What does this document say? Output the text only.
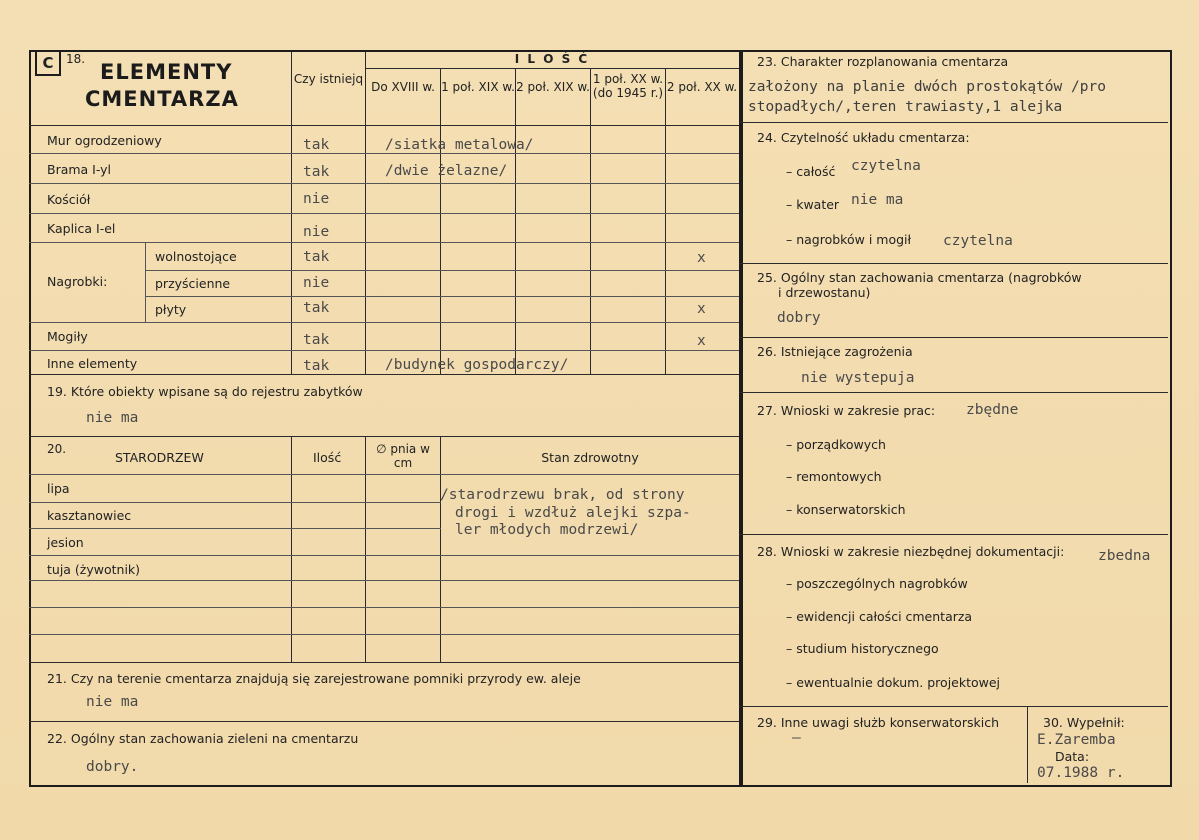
C 18.
ELEMENTY
CMENTARZA
I L O Ś Ć
Czy istniejq
Do XVIII w. 1 poł. XIX w. 2 poł. XIX w.
1 poł. XX w. (do 1945 r.) 2 poł. XX w.
Mur ogrodzeniowy
Brama I-yl
Kościół
Kaplica I-el
Nagrobki:
wolnostojące
przyścienne
płyty
Mogiły
Inne elementy
tak
tak
nie
nie
tak
nie
tak
tak
tak
/siatka metalowa/
/dwie żelazne/
/budynek gospodarczy/
x
x
x
19. Które obiekty wpisane są do rejestru zabytków
nie ma
20.
STARODRZEW	Ilość
∅ pnia w cm	Stan zdrowotny
lipa
kasztanowiec
jesion
tuja (żywotnik)
/starodrzewu brak, od strony
drogi i wzdłuż alejki szpa-
ler młodych modrzewi/
21. Czy na terenie cmentarza znajdują się zarejestrowane pomniki przyrody ew. aleje
nie ma
22. Ogólny stan zachowania zieleni na cmentarzu
dobry.
23. Charakter rozplanowania cmentarza
założony na planie dwóch prostokątów /pro
stopadłych/,teren trawiasty,1 alejka
24. Czytelność układu cmentarza:
– całość czytelna
– kwater nie ma
– nagrobków i mogił czytelna
25. Ogólny stan zachowania cmentarza (nagrobków
i drzewostanu)
dobry
26. Istniejące zagrożenia
nie wystepuja
27. Wnioski w zakresie prac: zbędne
– porządkowych
– remontowych
– konserwatorskich
28. Wnioski w zakresie niezbędnej dokumentacji: zbedna
– poszczególnych nagrobków
– ewidencji całości cmentarza
– studium historycznego
– ewentualnie dokum. projektowej
29. Inne uwagi służb konserwatorskich
–
30. Wypełnił:
E.Zaremba
Data:
07.1988 r.
